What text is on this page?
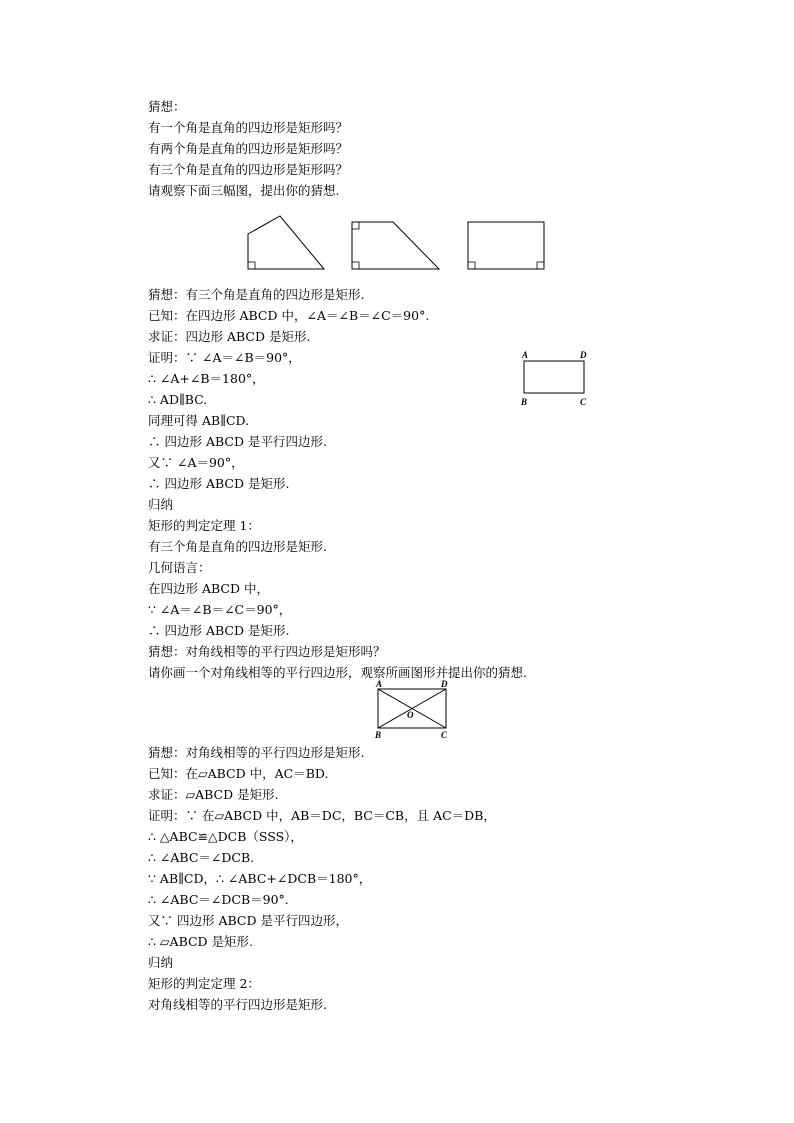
猜想：
有一个角是直角的四边形是矩形吗？
有两个角是直角的四边形是矩形吗？
有三个角是直角的四边形是矩形吗？
请观察下面三幅图，提出你的猜想.
猜想：有三个角是直角的四边形是矩形.
已知：在四边形 ABCD 中，∠A＝∠B＝∠C＝90°.
求证：四边形 ABCD 是矩形.
证明：∵ ∠A＝∠B＝90°，
∴ ∠A+∠B＝180°，
∴ AD∥BC.
同理可得 AB∥CD.
∴ 四边形 ABCD 是平行四边形.
又∵ ∠A＝90°，
∴ 四边形 ABCD 是矩形.
A	D
B	C
归纳
矩形的判定定理 1：
有三个角是直角的四边形是矩形.
几何语言：
在四边形 ABCD 中，
∵ ∠A＝∠B＝∠C＝90°，
∴ 四边形 ABCD 是矩形.
猜想：对角线相等的平行四边形是矩形吗？
请你画一个对角线相等的平行四边形，观察所画图形并提出你的猜想.
A	D
B	C
O
猜想：对角线相等的平行四边形是矩形.
已知：在▱ABCD 中，AC＝BD.
求证：▱ABCD 是矩形.
证明：∵ 在▱ABCD 中，AB＝DC，BC＝CB，且 AC＝DB，
∴ △ABC≌△DCB（SSS），
∴ ∠ABC＝∠DCB.
∵ AB∥CD，∴ ∠ABC+∠DCB＝180°，
∴ ∠ABC＝∠DCB＝90°.
又∵ 四边形 ABCD 是平行四边形，
∴ ▱ABCD 是矩形.
归纳
矩形的判定定理 2：
对角线相等的平行四边形是矩形.
